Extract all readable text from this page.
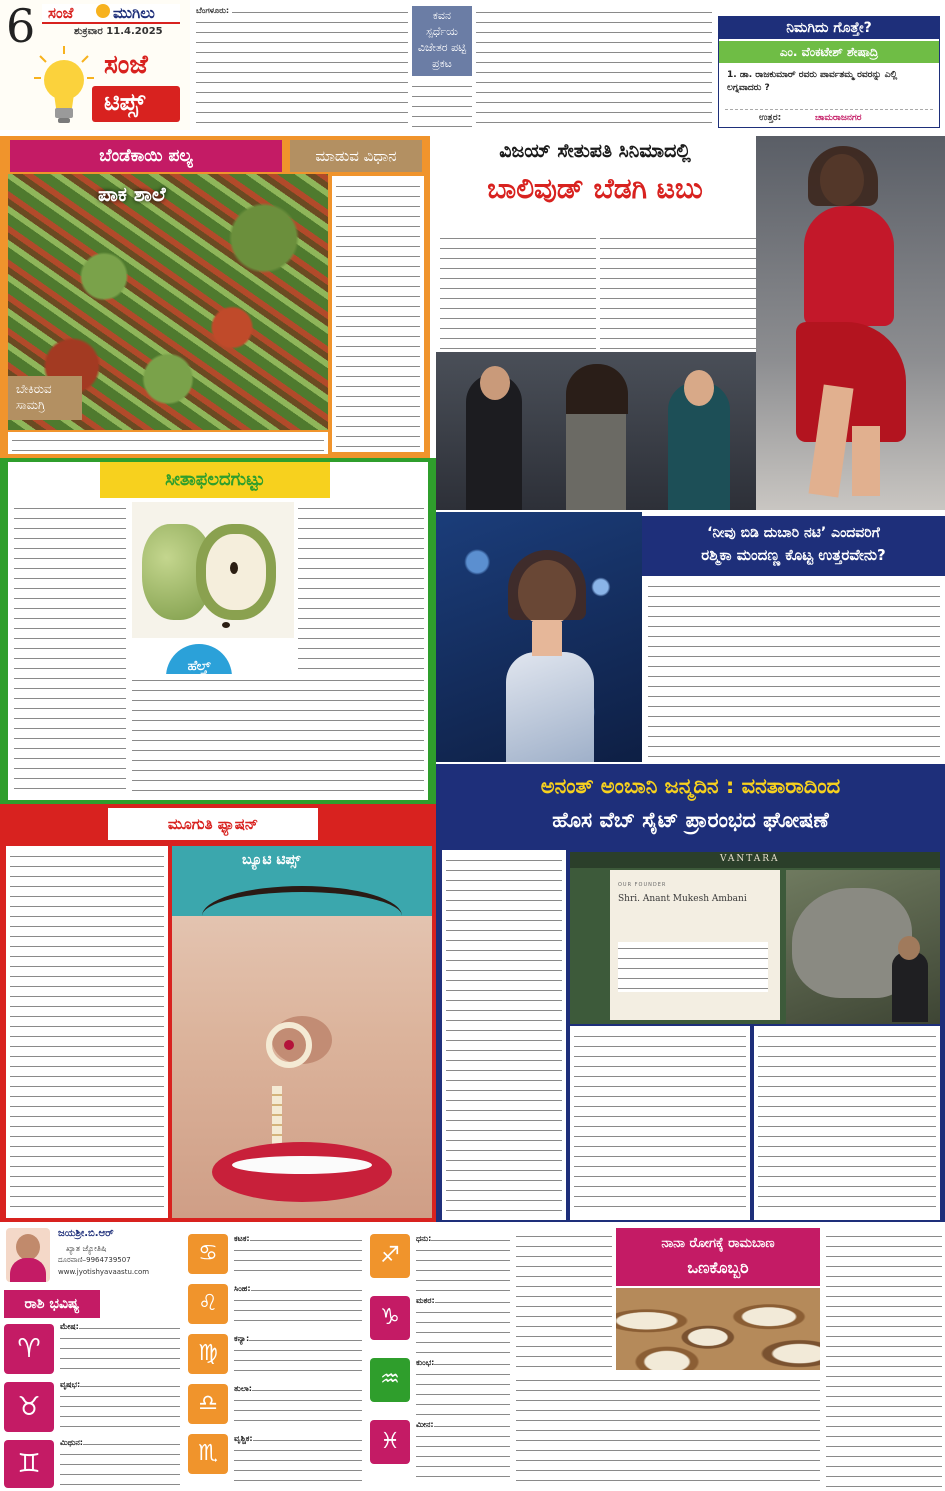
6 ಸಂಜೆ	ಮುಗಿಲು
ಶುಕ್ರವಾರ 11.4.2025
ಸಂಜೆ
ಟಿಪ್ಸ್
ಬೆಂಗಳೂರು:	ಕವನ
ಸ್ಪರ್ಧೆಯ
ವಿಜೇತರ ಪಟ್ಟಿ
ಪ್ರಕಟ
ನಿಮಗಿದು ಗೊತ್ತೇ?
ಎಂ. ವೆಂಕಟೇಶ್ ಶೇಷಾದ್ರಿ
1. ಡಾ. ರಾಜಕುಮಾರ್ ರವರು ಪಾರ್ವತಮ್ಮ ರವರನ್ನು ಎಲ್ಲಿ ಲಗ್ನವಾದರು ?
ಉತ್ತರ:	ಚಾಮರಾಜನಗರ
ಬೆಂಡೆಕಾಯಿ ಪಲ್ಯ	ಮಾಡುವ ವಿಧಾನ
ಪಾಕ ಶಾಲೆ
ಬೇಕಿರುವ
ಸಾಮಗ್ರಿ
ವಿಜಯ್ ಸೇತುಪತಿ ಸಿನಿಮಾದಲ್ಲಿ
ಬಾಲಿವುಡ್ ಬೆಡಗಿ ಟಬು
ಸೀತಾಫಲದಗುಟ್ಟು
ಹೆಲ್ತ್
‘ನೀವು ಬಿಡಿ ದುಬಾರಿ ನಟಿ’ ಎಂದವರಿಗೆ
ರಶ್ಮಿಕಾ ಮಂದಣ್ಣ ಕೊಟ್ಟ ಉತ್ತರವೇನು?
ಅನಂತ್ ಅಂಬಾನಿ ಜನ್ಮದಿನ : ವನತಾರಾದಿಂದ
ಹೊಸ ವೆಬ್ ಸೈಟ್ ಪ್ರಾರಂಭದ ಘೋಷಣೆ
VANTARA
OUR FOUNDER
Shri. Anant Mukesh Ambani
ಮೂಗುತಿ ಫ್ಯಾಷನ್
ಬ್ಯೂಟಿ ಟಿಪ್ಸ್
ಜಯಶ್ರೀ.ಬಿ.ಆರ್
ಖ್ಯಾತ ಜ್ಯೋತಿಷಿ
ದೂರವಾಣಿ–9964739507
www.jyotishyavaastu.com
ರಾಶಿ ಭವಿಷ್ಯ
♈
ಮೇಷ:
♉
ವೃಷಭ:
♊
ಮಿಥುನ:
♋
ಕಟಕ:
♌
ಸಿಂಹ:
♍
ಕನ್ಯಾ:
♎
ತುಲಾ:
♏
ವೃಶ್ಚಿಕ:
♐
ಧನು:
♑
ಮಕರ:
♒
ಕುಂಭ:
♓
ಮೀನ:
ನಾನಾ ರೋಗಕ್ಕೆ ರಾಮಬಾಣ
ಒಣಕೊಬ್ಬರಿ
